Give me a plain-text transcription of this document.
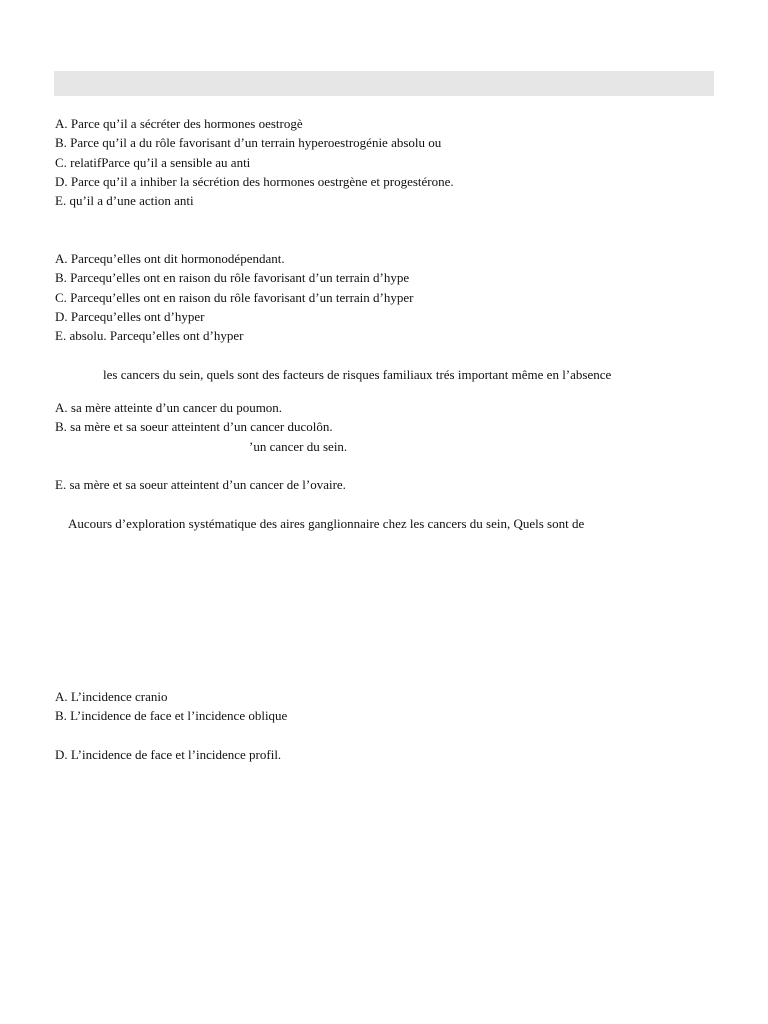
A. Parce qu’il a sécréter des hormones oestrogè
B. Parce qu’il a du rôle favorisant d’un terrain hyperoestrogénie absolu ou
C. relatifParce qu’il a sensible au anti
D. Parce qu’il a inhiber la sécrétion des hormones oestrgène et progestérone.
E. qu’il a d’une action anti
A. Parcequ’elles ont dit hormonodépendant.
B. Parcequ’elles ont en raison du rôle favorisant d’un terrain d’hype
C. Parcequ’elles ont en raison du rôle favorisant d’un terrain d’hyper
D. Parcequ’elles ont d’hyper
E. absolu. Parcequ’elles ont d’hyper
les cancers du sein, quels sont des facteurs de risques familiaux trés important même en l’absence
A. sa mère atteinte d’un cancer du poumon.
B. sa mère et sa soeur atteintent d’un cancer ducolôn.
’un cancer du sein.
E. sa mère et sa soeur atteintent d’un cancer de l’ovaire.
Aucours d’exploration systématique des aires ganglionnaire chez les cancers du sein, Quels sont de
A. L’incidence cranio
B. L’incidence de face et l’incidence oblique
D. L’incidence de face et l’incidence profil.
